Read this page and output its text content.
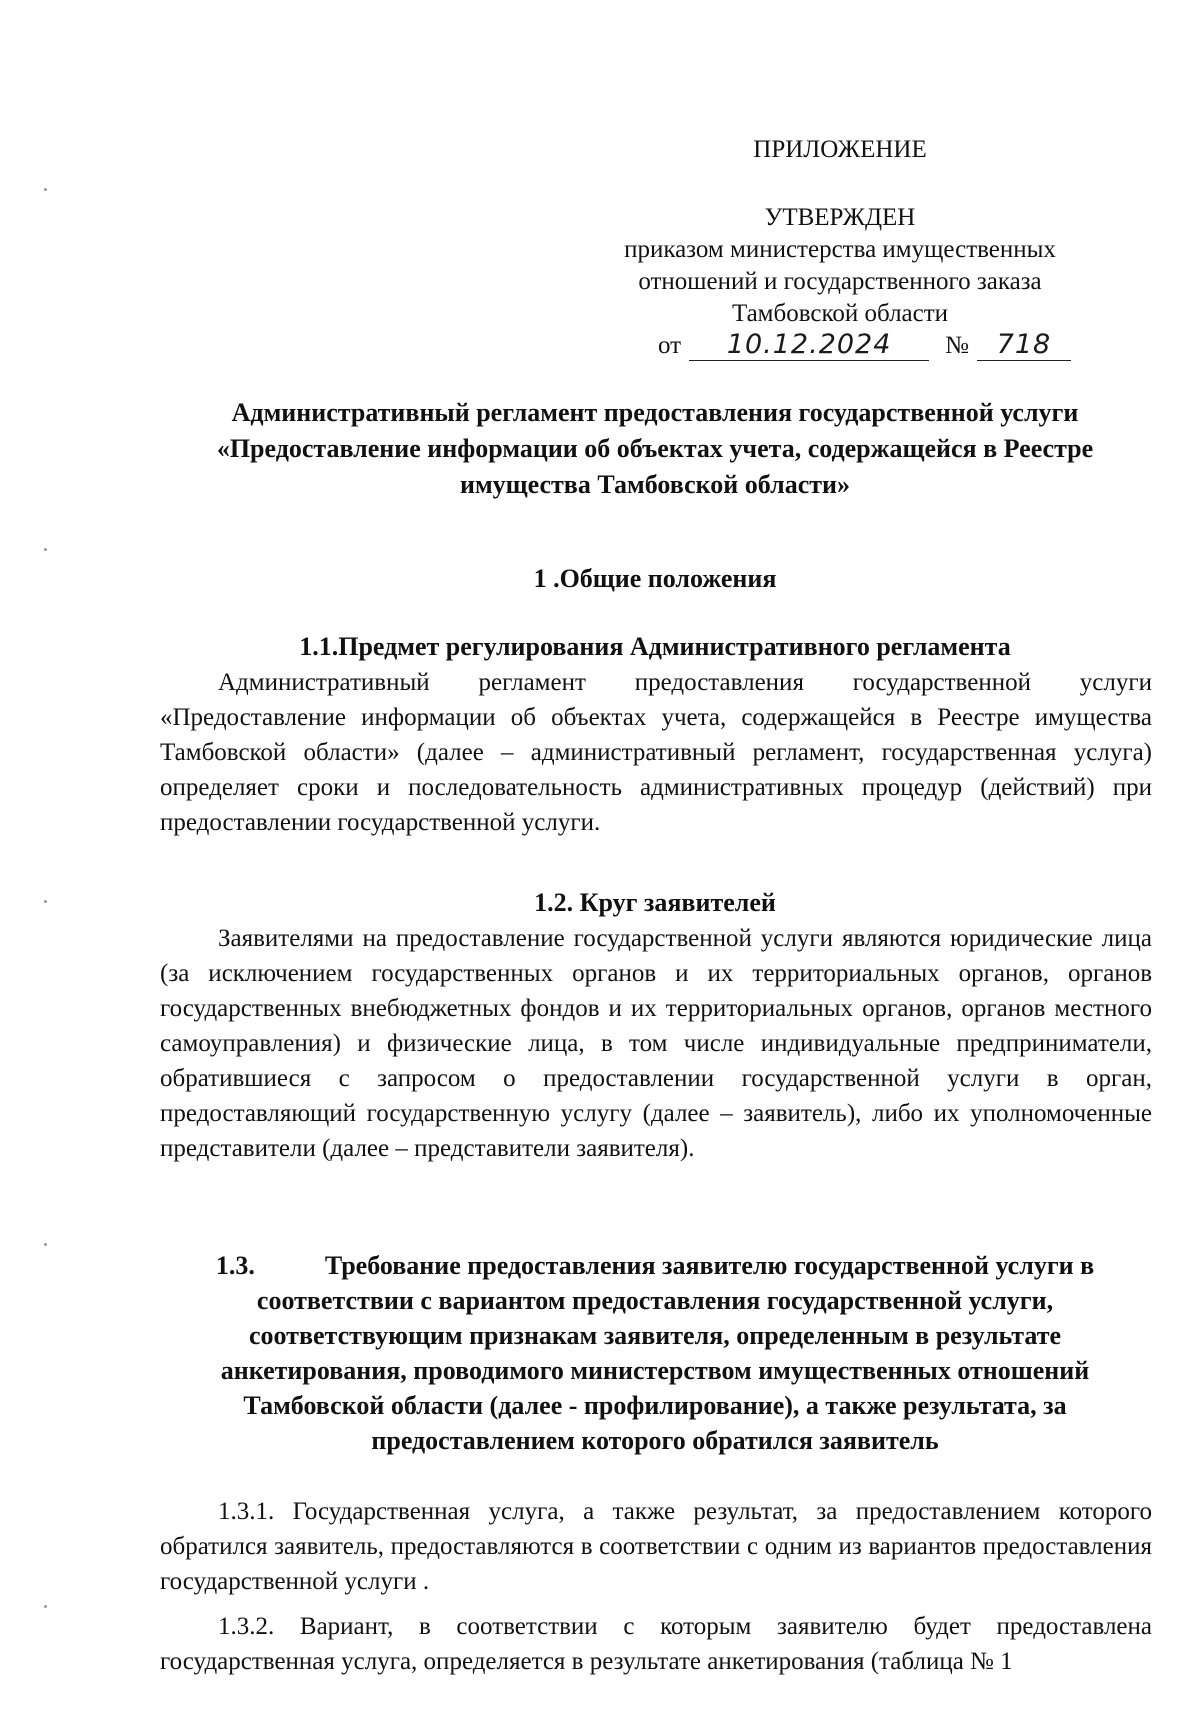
ПРИЛОЖЕНИЕ
УТВЕРЖДЕН
приказом министерства имущественных
отношений и государственного заказа
Тамбовской области
от 10.12.2024 № 718
Административный регламент предоставления государственной услуги «Предоставление информации об объектах учета, содержащейся в Реестре имущества Тамбовской области»
1 .Общие положения
1.1.Предмет регулирования Административного регламента
Административный регламент предоставления государственной услуги «Предоставление информации об объектах учета, содержащейся в Реестре имущества Тамбовской области» (далее – административный регламент, государственная услуга) определяет сроки и последовательность административных процедур (действий) при предоставлении государственной услуги.
1.2. Круг заявителей
Заявителями на предоставление государственной услуги являются юридические лица (за исключением государственных органов и их территориальных органов, органов государственных внебюджетных фондов и их территориальных органов, органов местного самоуправления) и физические лица, в том числе индивидуальные предприниматели, обратившиеся с запросом о предоставлении государственной услуги в орган, предоставляющий государственную услугу (далее – заявитель), либо их уполномоченные представители (далее – представители заявителя).
1.3.	Требование предоставления заявителю государственной услуги в соответствии с вариантом предоставления государственной услуги, соответствующим признакам заявителя, определенным в результате анкетирования, проводимого министерством имущественных отношений Тамбовской области (далее - профилирование), а также результата, за предоставлением которого обратился заявитель
1.3.1. Государственная услуга, а также результат, за предоставлением которого обратился заявитель, предоставляются в соответствии с одним из вариантов предоставления государственной услуги .
1.3.2. Вариант, в соответствии с которым заявителю будет предоставлена государственная услуга, определяется в результате анкетирования (таблица № 1
